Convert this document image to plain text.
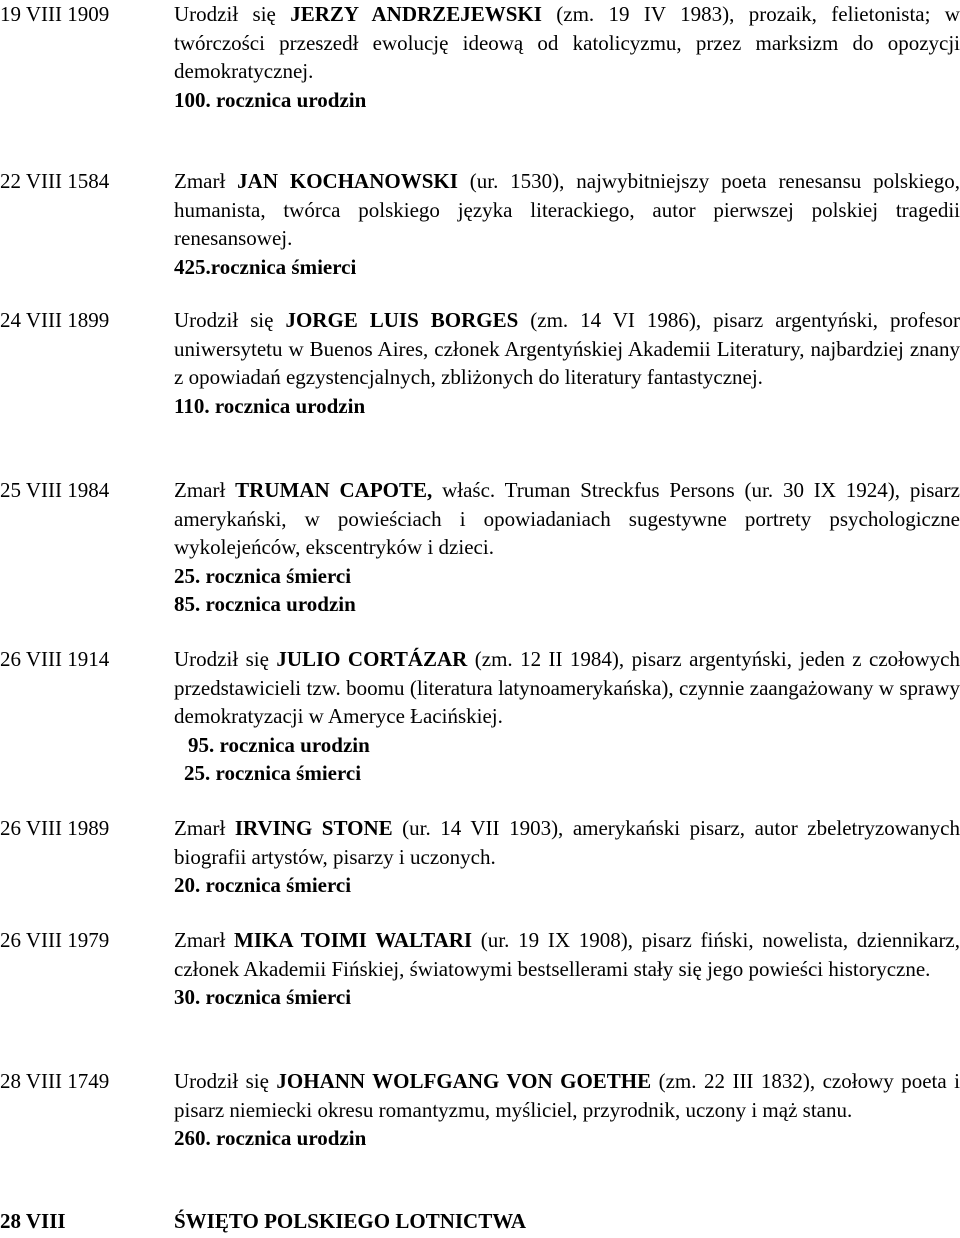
19 VIII 1909	Urodził się JERZY ANDRZEJEWSKI (zm. 19 IV 1983), prozaik, felietonista; w twórczości przeszedł ewolucję ideową od katolicyzmu, przez marksizm do opozycji demokratycznej.
100. rocznica urodzin
22 VIII 1584	Zmarł JAN KOCHANOWSKI (ur. 1530), najwybitniejszy poeta renesansu polskiego, humanista, twórca polskiego języka literackiego, autor pierwszej polskiej tragedii renesansowej.
425.rocznica śmierci
24 VIII 1899	Urodził się JORGE LUIS BORGES (zm. 14 VI 1986), pisarz argentyński, profesor uniwersytetu w Buenos Aires, członek Argentyńskiej Akademii Literatury, najbardziej znany z opowiadań egzystencjalnych, zbliżonych do literatury fantastycznej.
110. rocznica urodzin
25 VIII 1984	Zmarł TRUMAN CAPOTE, właśc. Truman Streckfus Persons (ur. 30 IX 1924), pisarz amerykański, w powieściach i opowiadaniach sugestywne portrety psychologiczne wykolejeńców, ekscentryków i dzieci.
25. rocznica śmierci
85. rocznica urodzin
26 VIII 1914	Urodził się JULIO CORTÁZAR (zm. 12 II 1984), pisarz argentyński, jeden z czołowych przedstawicieli tzw. boomu (literatura latynoamerykańska), czynnie zaangażowany w sprawy demokratyzacji w Ameryce Łacińskiej.
95. rocznica urodzin
25. rocznica śmierci
26 VIII 1989	Zmarł IRVING STONE (ur. 14 VII 1903), amerykański pisarz, autor zbeletryzowanych biografii artystów, pisarzy i uczonych.
20. rocznica śmierci
26 VIII 1979	Zmarł MIKA TOIMI WALTARI (ur. 19 IX 1908), pisarz fiński, nowelista, dziennikarz, członek Akademii Fińskiej, światowymi bestsellerami stały się jego powieści historyczne.
30. rocznica śmierci
28 VIII 1749	Urodził się JOHANN WOLFGANG VON GOETHE (zm. 22 III 1832), czołowy poeta i pisarz niemiecki okresu romantyzmu, myśliciel, przyrodnik, uczony i mąż stanu.
260. rocznica urodzin
28 VIII	ŚWIĘTO POLSKIEGO LOTNICTWA
